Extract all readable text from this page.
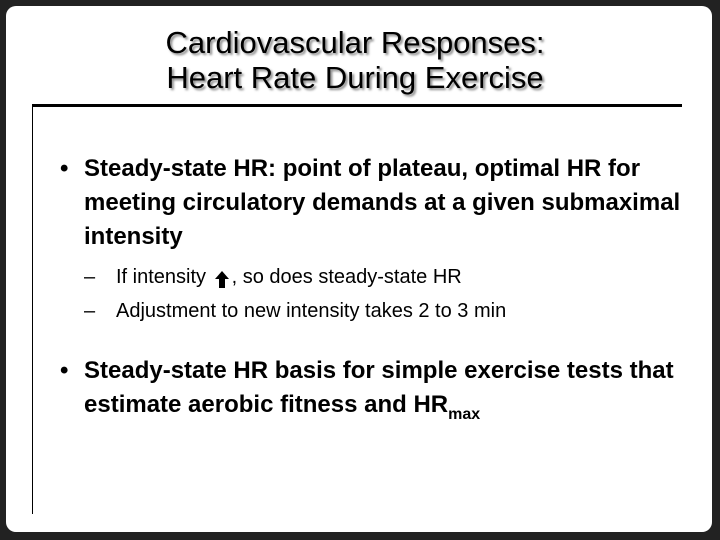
Cardiovascular Responses:
Heart Rate During Exercise
• Steady-state HR: point of plateau, optimal HR for meeting circulatory demands at a given submaximal intensity
– If intensity , so does steady-state HR
– Adjustment to new intensity takes 2 to 3 min
• Steady-state HR basis for simple exercise tests that estimate aerobic fitness and $HR_{max}$
